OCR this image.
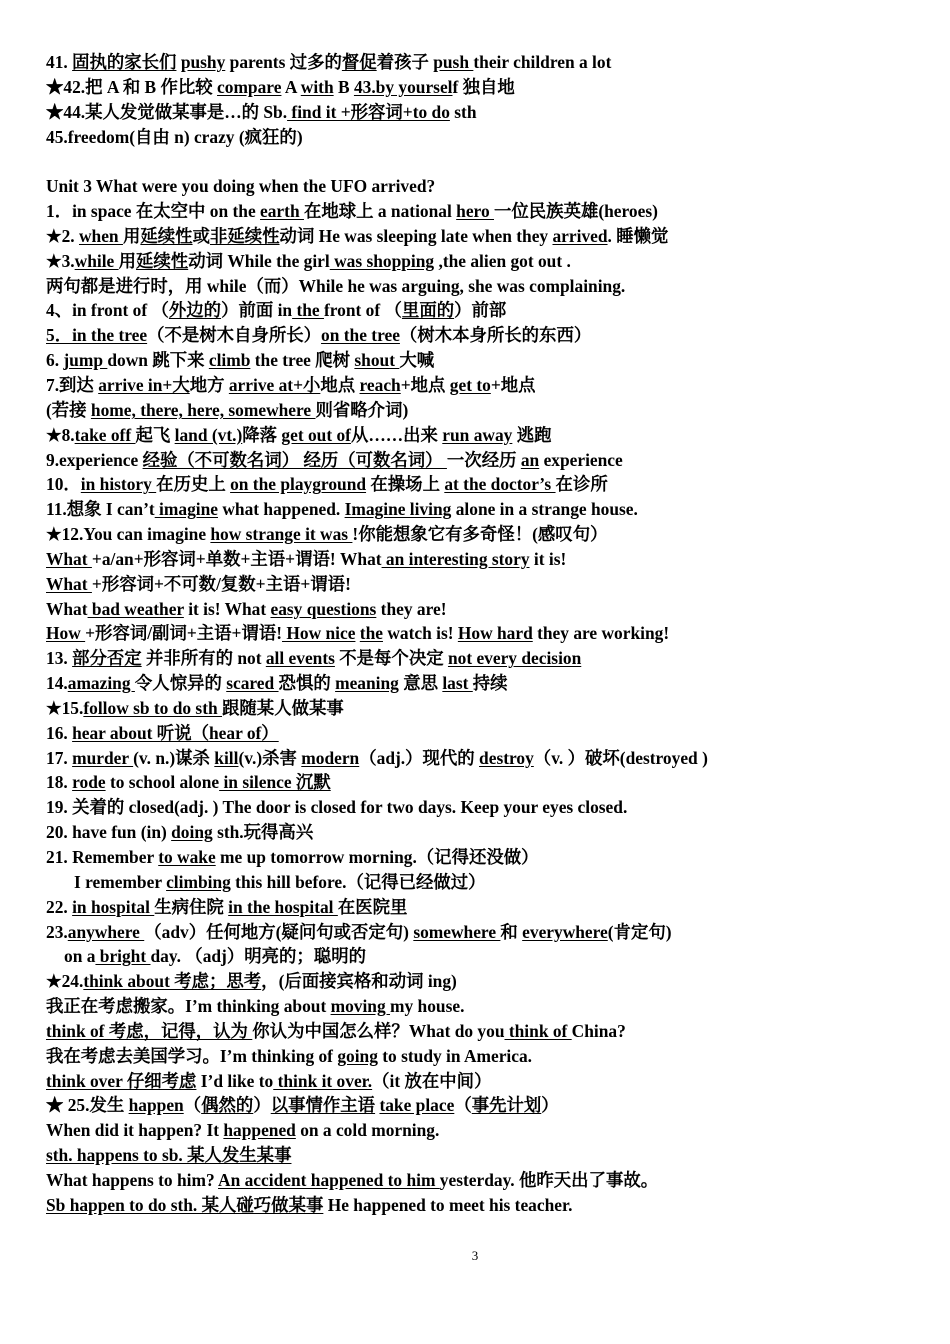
41. 固执的家长们 pushy parents 过多的督促着孩子 push their children a lot
★42.把 A 和 B 作比较 compare A with B 43.by yourself 独自地
★44.某人发觉做某事是…的 Sb. find it +形容词+to do sth
45.freedom(自由 n) crazy (疯狂的)
Unit 3 What were you doing when the UFO arrived?
1．in space 在太空中 on the earth 在地球上 a national hero 一位民族英雄(heroes)
★2. when 用延续性或非延续性动词 He was sleeping late when they arrived. 睡懒觉
★3.while 用延续性动词 While the girl was shopping ,the alien got out .
两句都是进行时，用 while（而）While he was arguing, she was complaining.
4、in front of （外边的）前面 in the front of （里面的）前部
5．in the tree（不是树木自身所长）on the tree（树木本身所长的东西）
6. jump down 跳下来 climb the tree 爬树 shout 大喊
7.到达 arrive in+大地方 arrive at+小地点 reach+地点 get to+地点
(若接 home, there, here, somewhere 则省略介词)
★8.take off 起飞 land (vt.)降落 get out of从……出来 run away 逃跑
9.experience 经验（不可数名词） 经历（可数名词） 一次经历 an experience
10．in history 在历史上 on the playground 在操场上 at the doctor’s 在诊所
11.想象 I can’t imagine what happened. Imagine living alone in a strange house.
★12.You can imagine how strange it was !你能想象它有多奇怪！(感叹句）
What +a/an+形容词+单数+主语+谓语! What an interesting story it is!
What +形容词+不可数/复数+主语+谓语!
What bad weather it is! What easy questions they are!
How +形容词/副词+主语+谓语! How nice the watch is! How hard they are working!
13. 部分否定 并非所有的 not all events 不是每个决定 not every decision
14.amazing 令人惊异的 scared 恐惧的 meaning 意思 last 持续
★15.follow sb to do sth 跟随某人做某事
16. hear about 听说（hear of）
17. murder (v. n.)谋杀 kill(v.)杀害 modern（adj.）现代的 destroy（v. ）破坏(destroyed )
18. rode to school alone in silence 沉默
19. 关着的 closed(adj. ) The door is closed for two days. Keep your eyes closed.
20. have fun (in) doing sth.玩得高兴
21. Remember to wake me up tomorrow morning.（记得还没做）
I remember climbing this hill before.（记得已经做过）
22. in hospital 生病住院 in the hospital 在医院里
23.anywhere （adv）任何地方(疑问句或否定句) somewhere 和 everywhere(肯定句)
on a bright day. （adj）明亮的；聪明的
★24.think about 考虑；思考，(后面接宾格和动词 ing)
我正在考虑搬家。I’m thinking about moving my house.
think of 考虑，记得，认为 你认为中国怎么样？What do you think of China?
我在考虑去美国学习。I’m thinking of going to study in America.
think over 仔细考虑 I’d like to think it over.（it 放在中间）
★ 25.发生 happen（偶然的）以事情作主语 take place（事先计划）
When did it happen? It happened on a cold morning.
sth. happens to sb. 某人发生某事
What happens to him? An accident happened to him yesterday. 他昨天出了事故。
Sb happen to do sth. 某人碰巧做某事 He happened to meet his teacher.
3
